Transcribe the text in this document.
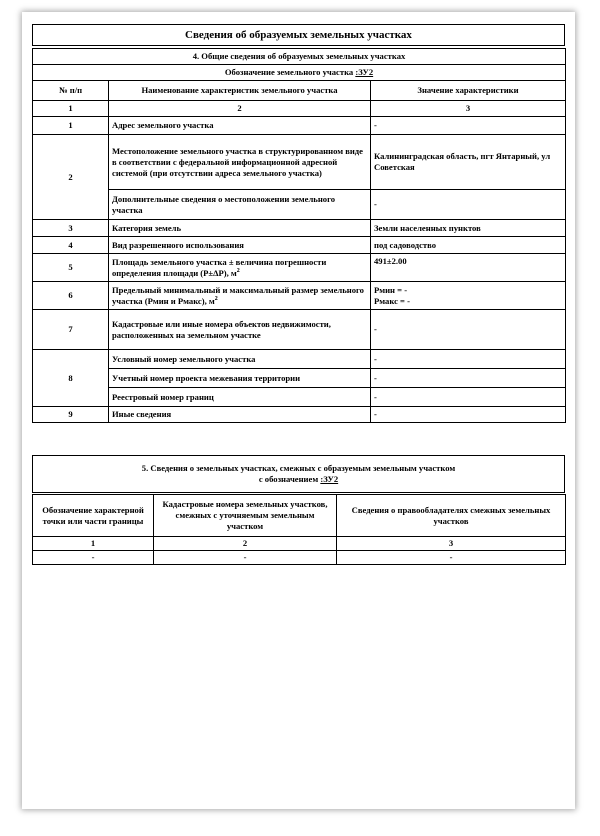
Сведения об образуемых земельных участках
4. Общие сведения об образуемых земельных участках		
Обозначение земельного участка :ЗУ2		
№ п/п	Наименование характеристик земельного участка	Значение характеристики
1	2	3
1	Адрес земельного участка	-
2	Местоположение земельного участка в структурированном виде в соответствии с федеральной информационной адресной системой (при отсутствии адреса земельного участка)	Калининградская область, пгт Янтарный, ул Советская
	Дополнительные сведения о местоположении земельного участка	-
3	Категория земель	Земли населенных пунктов
4	Вид разрешенного использования	под садоводство
5	Площадь земельного участка ± величина погрешности определения площади (P±ΔP), $м^2$	491±2.00
6	Предельный минимальный и максимальный размер земельного участка (Pмин и Pмакс), $м^2$	Pмин = -
Pмакс = -

7	Кадастровые или иные номера объектов недвижимости, расположенных на земельном участке	-
8	Условный номер земельного участка	-
	Учетный номер проекта межевания территории	-
	Реестровый номер границ	-
9	Иные сведения	-
5. Сведения о земельных участках, смежных с образуемым земельным участком
с обозначением :ЗУ2
Обозначение характерной точки или части границы	Кадастровые номера земельных участков, смежных с уточняемым земельным участком	Сведения о правообладателях смежных земельных участков
1	2	3
-	-	-
